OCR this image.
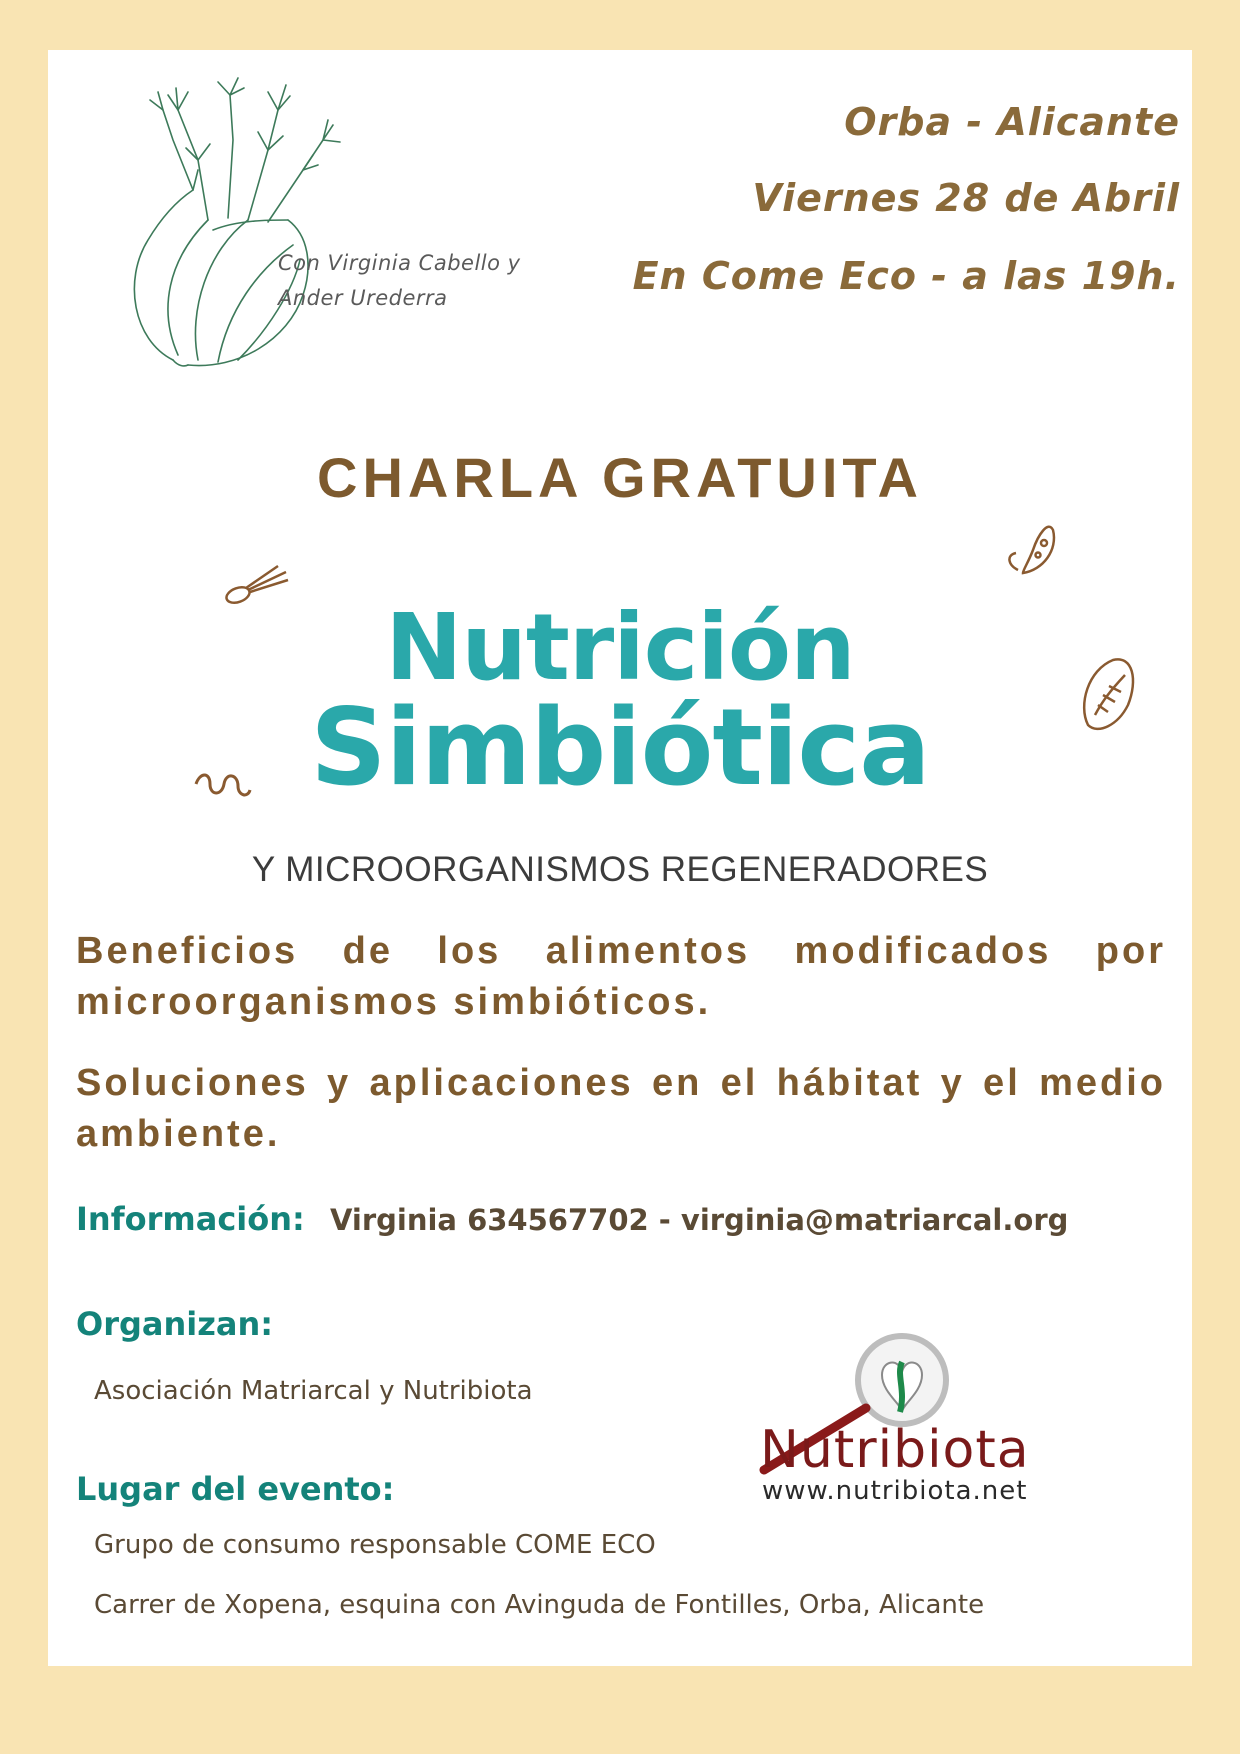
Con Virginia Cabello y
Ander Urederra
Orba - Alicante
Viernes 28 de Abril
En Come Eco - a las 19h.
CHARLA GRATUITA
Nutrición
Simbiótica
Y MICROORGANISMOS REGENERADORES
Beneficios de los alimentos modificados por microorganismos simbióticos.
Soluciones y aplicaciones en el hábitat y el medio ambiente.
Información: Virginia 634567702 - virginia@matriarcal.org
Organizan:
Asociación Matriarcal y Nutribiota
Lugar del evento:
Grupo de consumo responsable COME ECO
Carrer de Xopena, esquina con Avinguda de Fontilles, Orba, Alicante
Nutribiota
www.nutribiota.net
